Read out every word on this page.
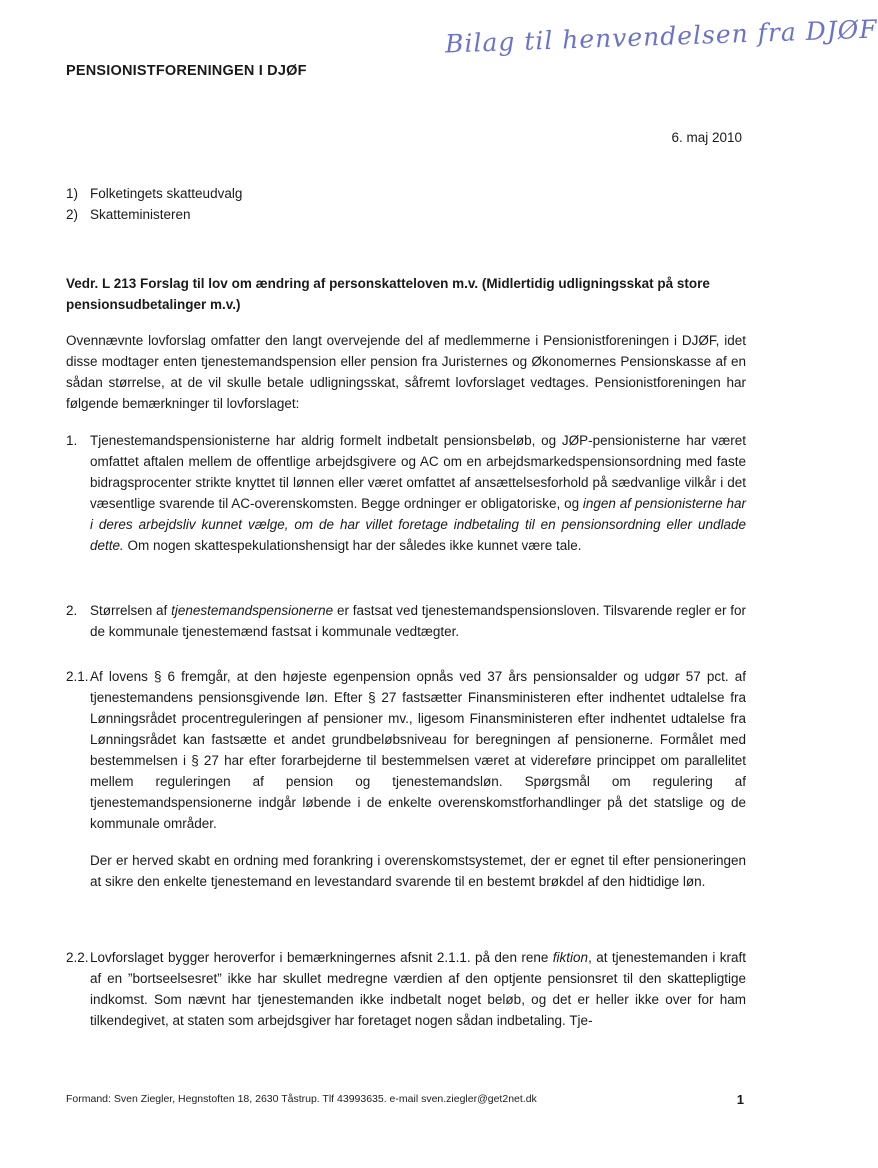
Bilag til henvendelsen fra DJØF
PENSIONISTFORENINGEN I DJØF
6. maj 2010
1) Folketingets skatteudvalg
2) Skatteministeren
Vedr. L 213 Forslag til lov om ændring af personskatteloven m.v. (Midlertidig udligningsskat på store pensionsudbetalinger m.v.)
Ovennævnte lovforslag omfatter den langt overvejende del af medlemmerne i Pensionistforeningen i DJØF, idet disse modtager enten tjenestemandspension eller pension fra Juristernes og Økonomernes Pensionskasse af en sådan størrelse, at de vil skulle betale udligningsskat, såfremt lovforslaget vedtages. Pensionistforeningen har følgende bemærkninger til lovforslaget:
1. Tjenestemandspensionisterne har aldrig formelt indbetalt pensionsbeløb, og JØP-pensionisterne har været omfattet aftalen mellem de offentlige arbejdsgivere og AC om en arbejdsmarkedspensionsordning med faste bidragsprocenter strikte knyttet til lønnen eller været omfattet af ansættelsesforhold på sædvanlige vilkår i det væsentlige svarende til AC-overenskomsten. Begge ordninger er obligatoriske, og ingen af pensionisterne har i deres arbejdsliv kunnet vælge, om de har villet foretage indbetaling til en pensionsordning eller undlade dette. Om nogen skattespekulationshensigt har der således ikke kunnet være tale.
2. Størrelsen af tjenestemandspensionerne er fastsat ved tjenestemandspensionsloven. Tilsvarende regler er for de kommunale tjenestemænd fastsat i kommunale vedtægter.
2.1. Af lovens § 6 fremgår, at den højeste egenpension opnås ved 37 års pensionsalder og udgør 57 pct. af tjenestemandens pensionsgivende løn. Efter § 27 fastsætter Finansministeren efter indhentet udtalelse fra Lønningsrådet procentreguleringen af pensioner mv., ligesom Finansministeren efter indhentet udtalelse fra Lønningsrådet kan fastsætte et andet grundbeløbsniveau for beregningen af pensionerne. Formålet med bestemmelsen i § 27 har efter forarbejderne til bestemmelsen været at videreføre princippet om parallelitet mellem reguleringen af pension og tjenestemandsløn. Spørgsmål om regulering af tjenestemandspensionerne indgår løbende i de enkelte overenskomstforhandlinger på det statslige og de kommunale områder.
Der er herved skabt en ordning med forankring i overenskomstsystemet, der er egnet til efter pensioneringen at sikre den enkelte tjenestemand en levestandard svarende til en bestemt brøkdel af den hidtidige løn.
2.2. Lovforslaget bygger heroverfor i bemærkningernes afsnit 2.1.1. på den rene fiktion, at tjenestemanden i kraft af en ”bortseelsesret” ikke har skullet medregne værdien af den optjente pensionsret til den skattepligtige indkomst. Som nævnt har tjenestemanden ikke indbetalt noget beløb, og det er heller ikke over for ham tilkendegivet, at staten som arbejdsgiver har foretaget nogen sådan indbetaling. Tje-
Formand: Sven Ziegler, Hegnstoften 18, 2630 Tåstrup. Tlf 43993635. e-mail sven.ziegler@get2net.dk	1
